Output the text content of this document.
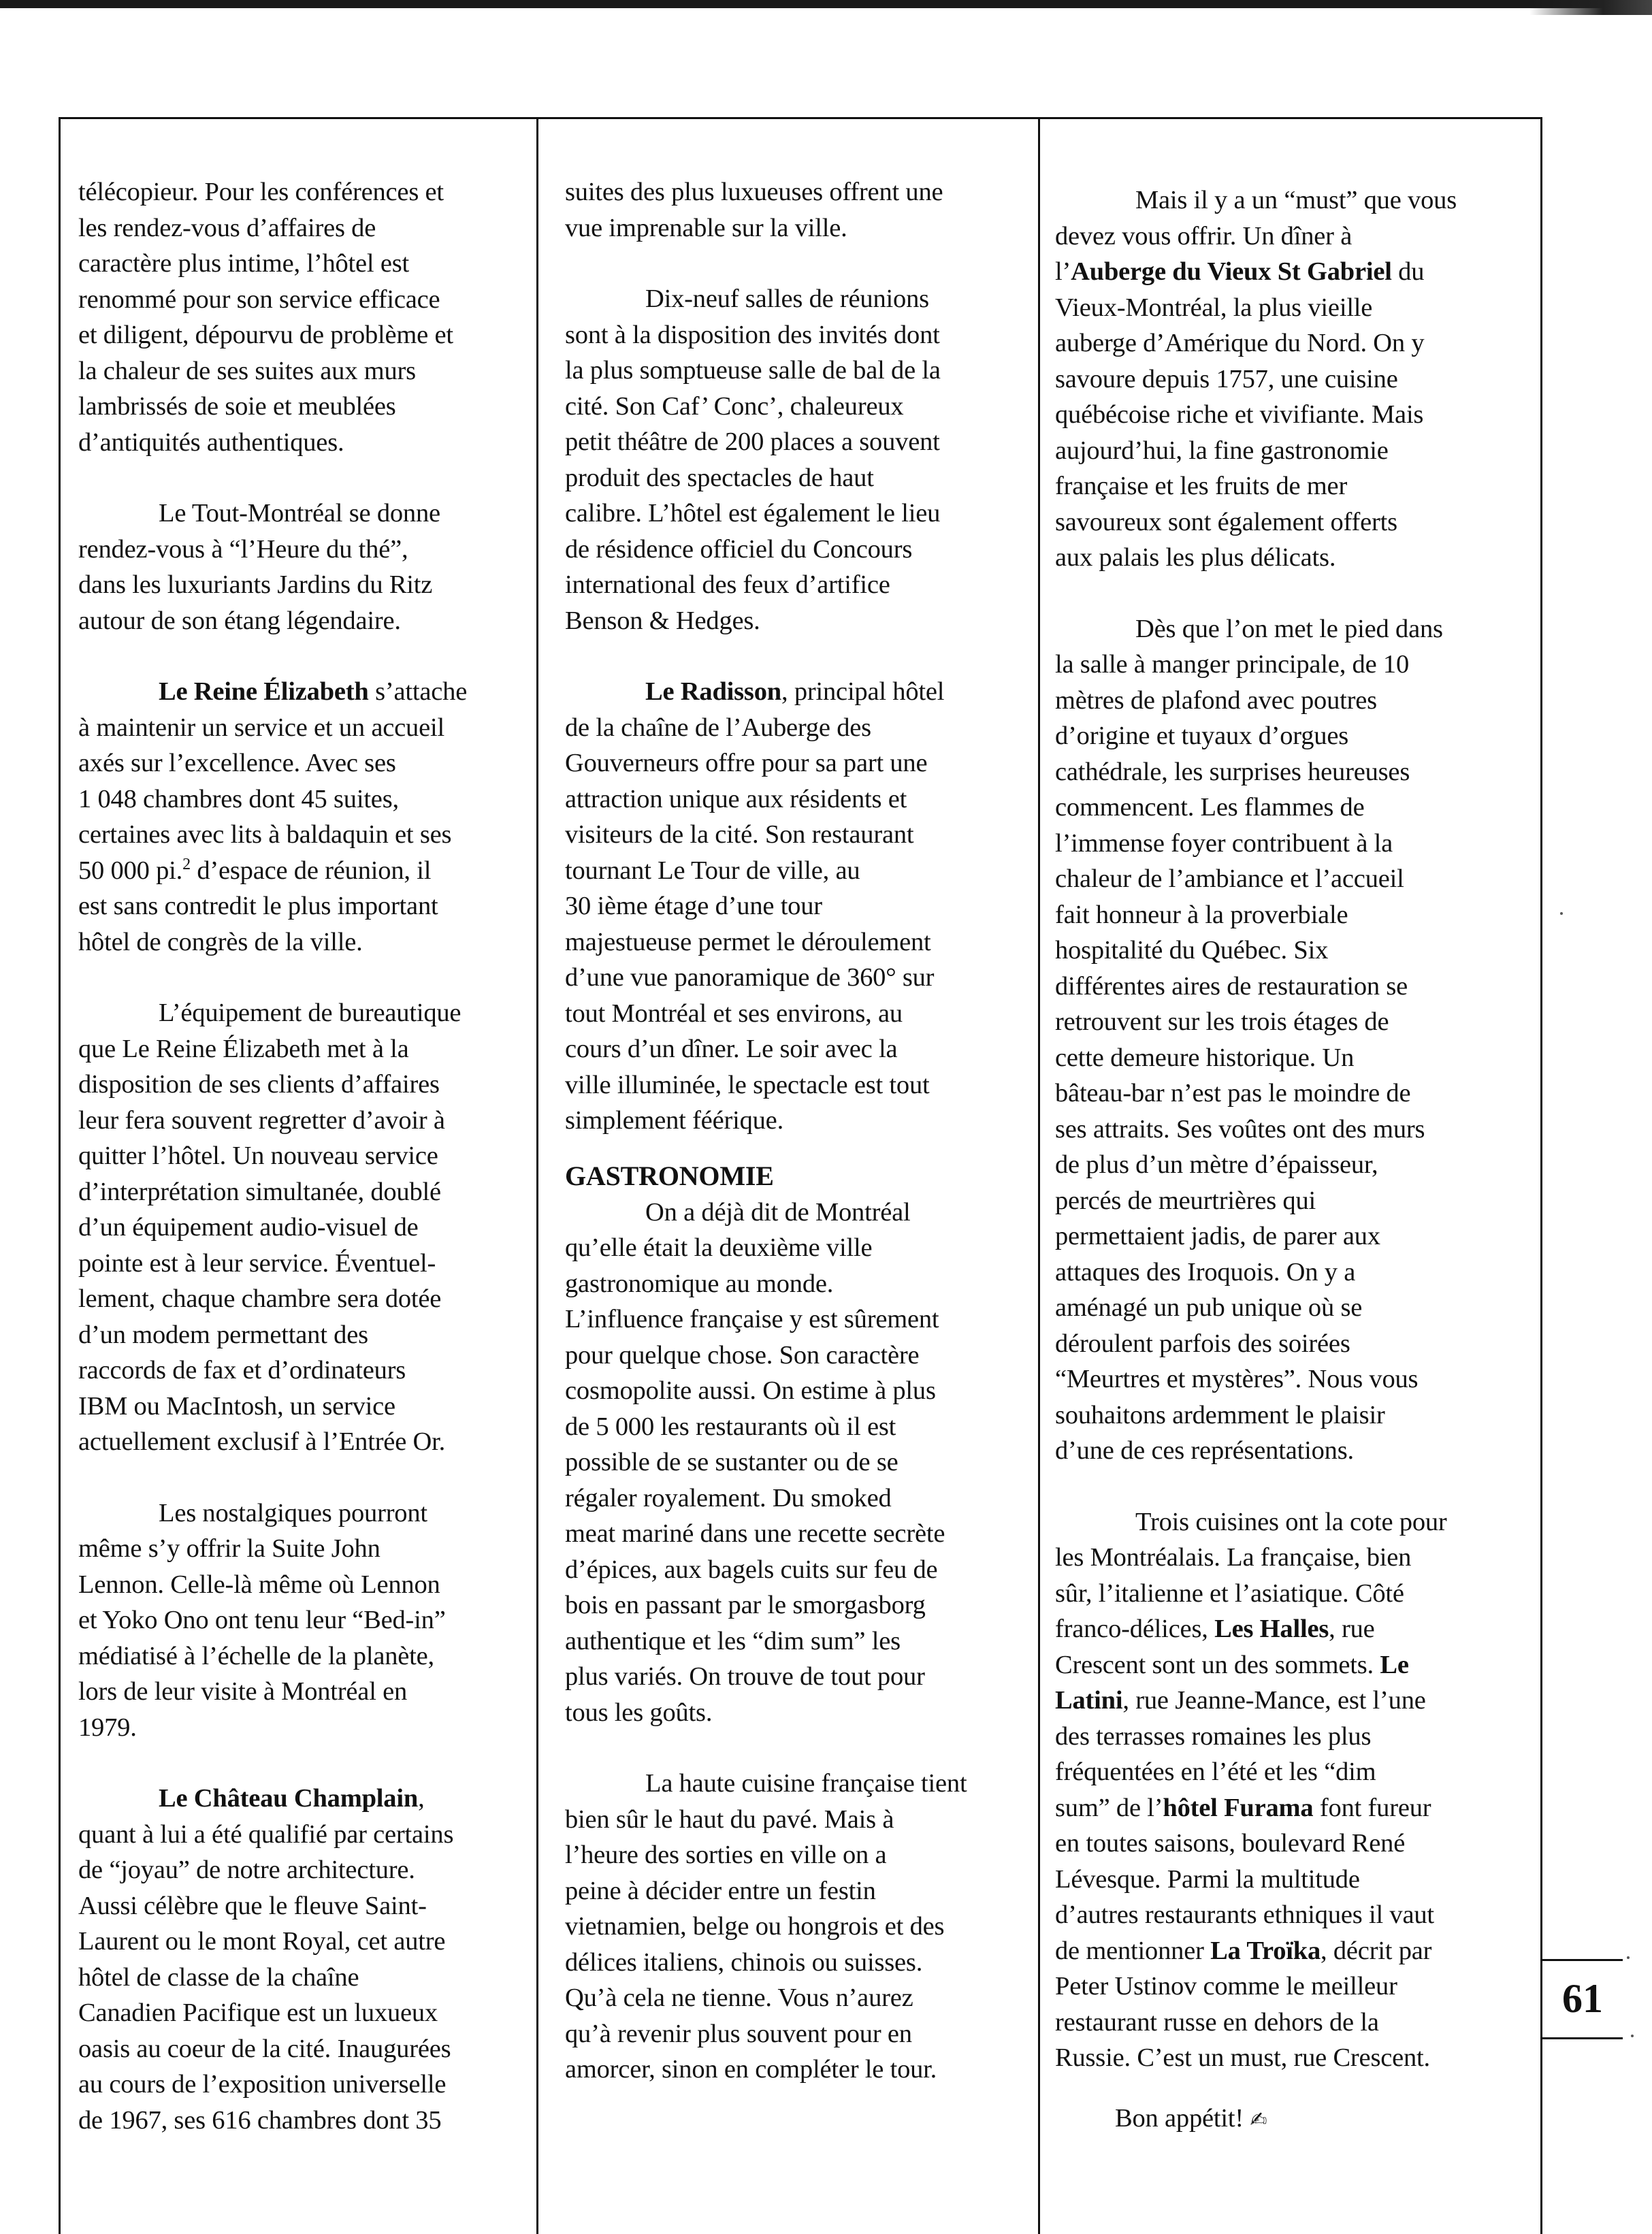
télécopieur. Pour les conférences et

les rendez-vous d’affaires de

caractère plus intime, l’hôtel est

renommé pour son service efficace

et diligent, dépourvu de problème et

la chaleur de ses suites aux murs

lambrissés de soie et meublées

d’antiquités authentiques.

Le Tout-Montréal se donne

rendez-vous à “l’Heure du thé”,

dans les luxuriants Jardins du Ritz

autour de son étang légendaire.

Le Reine Élizabeth s’attache

à maintenir un service et un accueil

axés sur l’excellence. Avec ses

1 048 chambres dont 45 suites,

certaines avec lits à baldaquin et ses

50 000 pi.$^2$ d’espace de réunion, il

est sans contredit le plus important

hôtel de congrès de la ville.

L’équipement de bureautique

que Le Reine Élizabeth met à la

disposition de ses clients d’affaires

leur fera souvent regretter d’avoir à

quitter l’hôtel. Un nouveau service

d’interprétation simultanée, doublé

d’un équipement audio-visuel de

pointe est à leur service. Éventuel-

lement, chaque chambre sera dotée

d’un modem permettant des

raccords de fax et d’ordinateurs

IBM ou MacIntosh, un service

actuellement exclusif à l’Entrée Or.

Les nostalgiques pourront

même s’y offrir la Suite John

Lennon. Celle-là même où Lennon

et Yoko Ono ont tenu leur “Bed-in”

médiatisé à l’échelle de la planète,

lors de leur visite à Montréal en

1979.

Le Château Champlain,

quant à lui a été qualifié par certains

de “joyau” de notre architecture.

Aussi célèbre que le fleuve Saint-

Laurent ou le mont Royal, cet autre

hôtel de classe de la chaîne

Canadien Pacifique est un luxueux

oasis au coeur de la cité. Inaugurées

au cours de l’exposition universelle

de 1967, ses 616 chambres dont 35

suites des plus luxueuses offrent une

vue imprenable sur la ville.

Dix-neuf salles de réunions

sont à la disposition des invités dont

la plus somptueuse salle de bal de la

cité. Son Caf’ Conc’, chaleureux

petit théâtre de 200 places a souvent

produit des spectacles de haut

calibre. L’hôtel est également le lieu

de résidence officiel du Concours

international des feux d’artifice

Benson & Hedges.

Le Radisson, principal hôtel

de la chaîne de l’Auberge des

Gouverneurs offre pour sa part une

attraction unique aux résidents et

visiteurs de la cité. Son restaurant

tournant Le Tour de ville, au

30 ième étage d’une tour

majestueuse permet le déroulement

d’une vue panoramique de 360° sur

tout Montréal et ses environs, au

cours d’un dîner. Le soir avec la

ville illuminée, le spectacle est tout

simplement féérique.

GASTRONOMIE

On a déjà dit de Montréal

qu’elle était la deuxième ville

gastronomique au monde.

L’influence française y est sûrement

pour quelque chose. Son caractère

cosmopolite aussi. On estime à plus

de 5 000 les restaurants où il est

possible de se sustanter ou de se

régaler royalement. Du smoked

meat mariné dans une recette secrète

d’épices, aux bagels cuits sur feu de

bois en passant par le smorgasborg

authentique et les “dim sum” les

plus variés. On trouve de tout pour

tous les goûts.

La haute cuisine française tient

bien sûr le haut du pavé. Mais à

l’heure des sorties en ville on a

peine à décider entre un festin

vietnamien, belge ou hongrois et des

délices italiens, chinois ou suisses.

Qu’à cela ne tienne. Vous n’aurez

qu’à revenir plus souvent pour en

amorcer, sinon en compléter le tour.

Mais il y a un “must” que vous

devez vous offrir. Un dîner à

l’Auberge du Vieux St Gabriel du

Vieux-Montréal, la plus vieille

auberge d’Amérique du Nord. On y

savoure depuis 1757, une cuisine

québécoise riche et vivifiante. Mais

aujourd’hui, la fine gastronomie

française et les fruits de mer

savoureux sont également offerts

aux palais les plus délicats.

Dès que l’on met le pied dans

la salle à manger principale, de 10

mètres de plafond avec poutres

d’origine et tuyaux d’orgues

cathédrale, les surprises heureuses

commencent. Les flammes de

l’immense foyer contribuent à la

chaleur de l’ambiance et l’accueil

fait honneur à la proverbiale

hospitalité du Québec. Six

différentes aires de restauration se

retrouvent sur les trois étages de

cette demeure historique. Un

bâteau-bar n’est pas le moindre de

ses attraits. Ses voûtes ont des murs

de plus d’un mètre d’épaisseur,

percés de meurtrières qui

permettaient jadis, de parer aux

attaques des Iroquois. On y a

aménagé un pub unique où se

déroulent parfois des soirées

“Meurtres et mystères”. Nous vous

souhaitons ardemment le plaisir

d’une de ces représentations.

Trois cuisines ont la cote pour

les Montréalais. La française, bien

sûr, l’italienne et l’asiatique. Côté

franco-délices, Les Halles, rue

Crescent sont un des sommets. Le

Latini, rue Jeanne-Mance, est l’une

des terrasses romaines les plus

fréquentées en l’été et les “dim

sum” de l’hôtel Furama font fureur

en toutes saisons, boulevard René

Lévesque. Parmi la multitude

d’autres restaurants ethniques il vaut

de mentionner La Troïka, décrit par

Peter Ustinov comme le meilleur

restaurant russe en dehors de la

Russie. C’est un must, rue Crescent.

Bon appétit! ✍

61
